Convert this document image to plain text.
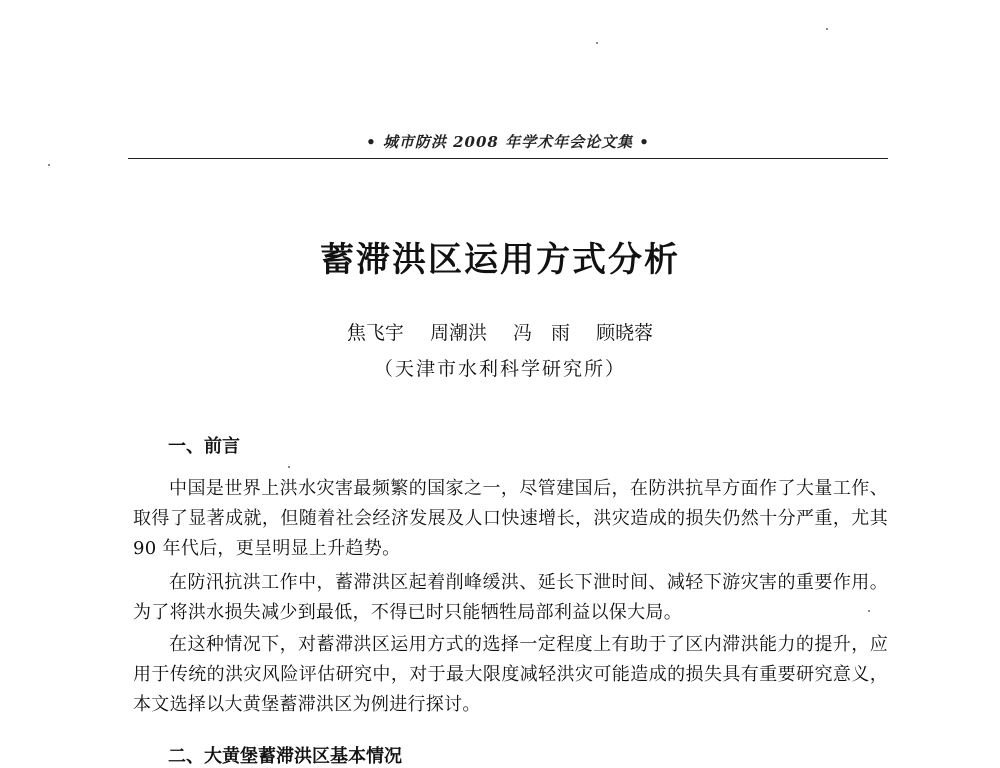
• 城市防洪 2008 年学术年会论文集 •
蓄滞洪区运用方式分析
焦飞宇 周潮洪 冯　雨 顾晓蓉
（天津市水利科学研究所）
一、前言
中国是世界上洪水灾害最频繁的国家之一，尽管建国后，在防洪抗旱方面作了大量工作、取得了显著成就，但随着社会经济发展及人口快速增长，洪灾造成的损失仍然十分严重，尤其 90 年代后，更呈明显上升趋势。
在防汛抗洪工作中，蓄滞洪区起着削峰缓洪、延长下泄时间、减轻下游灾害的重要作用。为了将洪水损失减少到最低，不得已时只能牺牲局部利益以保大局。
在这种情况下，对蓄滞洪区运用方式的选择一定程度上有助于了区内滞洪能力的提升，应用于传统的洪灾风险评估研究中，对于最大限度减轻洪灾可能造成的损失具有重要研究意义，本文选择以大黄堡蓄滞洪区为例进行探讨。
二、大黄堡蓄滞洪区基本情况
